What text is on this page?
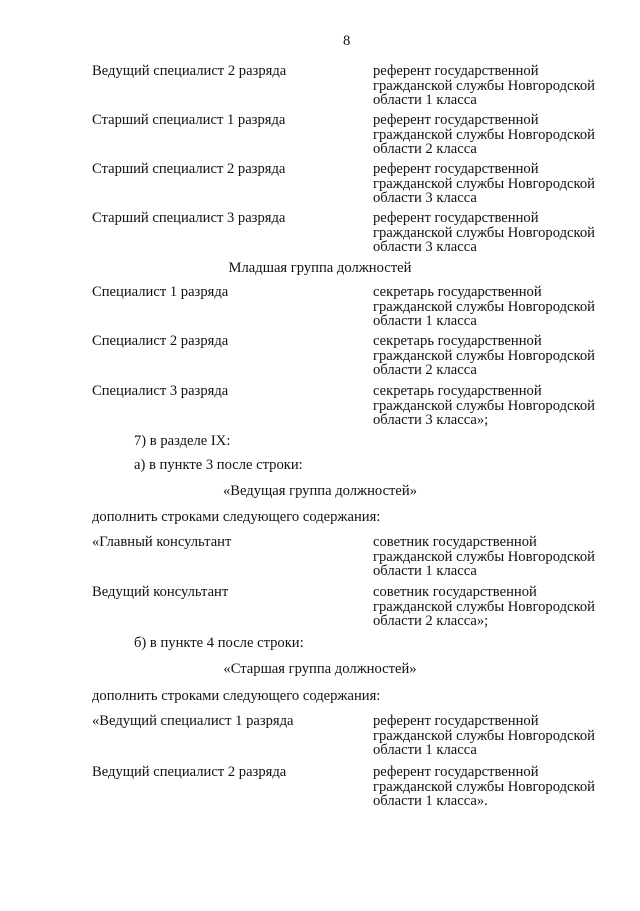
8
Ведущий специалист 2 разряда	референт государственной
гражданской службы Новгородской
области 1 класса
Старший специалист 1 разряда	референт государственной
гражданской службы Новгородской
области 2 класса
Старший специалист 2 разряда	референт государственной
гражданской службы Новгородской
области 3 класса
Старший специалист 3 разряда	референт государственной
гражданской службы Новгородской
области 3 класса
Младшая группа должностей
Специалист 1 разряда	секретарь государственной
гражданской службы Новгородской
области 1 класса
Специалист 2 разряда	секретарь государственной
гражданской службы Новгородской
области 2 класса
Специалист 3 разряда	секретарь государственной
гражданской службы Новгородской
области 3 класса»;
7) в разделе IX:
а) в пункте 3 после строки:
«Ведущая группа должностей»
дополнить строками следующего содержания:
«Главный консультант	советник государственной
гражданской службы Новгородской
области 1 класса
Ведущий консультант	советник государственной
гражданской службы Новгородской
области 2 класса»;
б) в пункте 4 после строки:
«Старшая группа должностей»
дополнить строками следующего содержания:
«Ведущий специалист 1 разряда	референт государственной
гражданской службы Новгородской
области 1 класса
Ведущий специалист 2 разряда	референт государственной
гражданской службы Новгородской
области 1 класса».
